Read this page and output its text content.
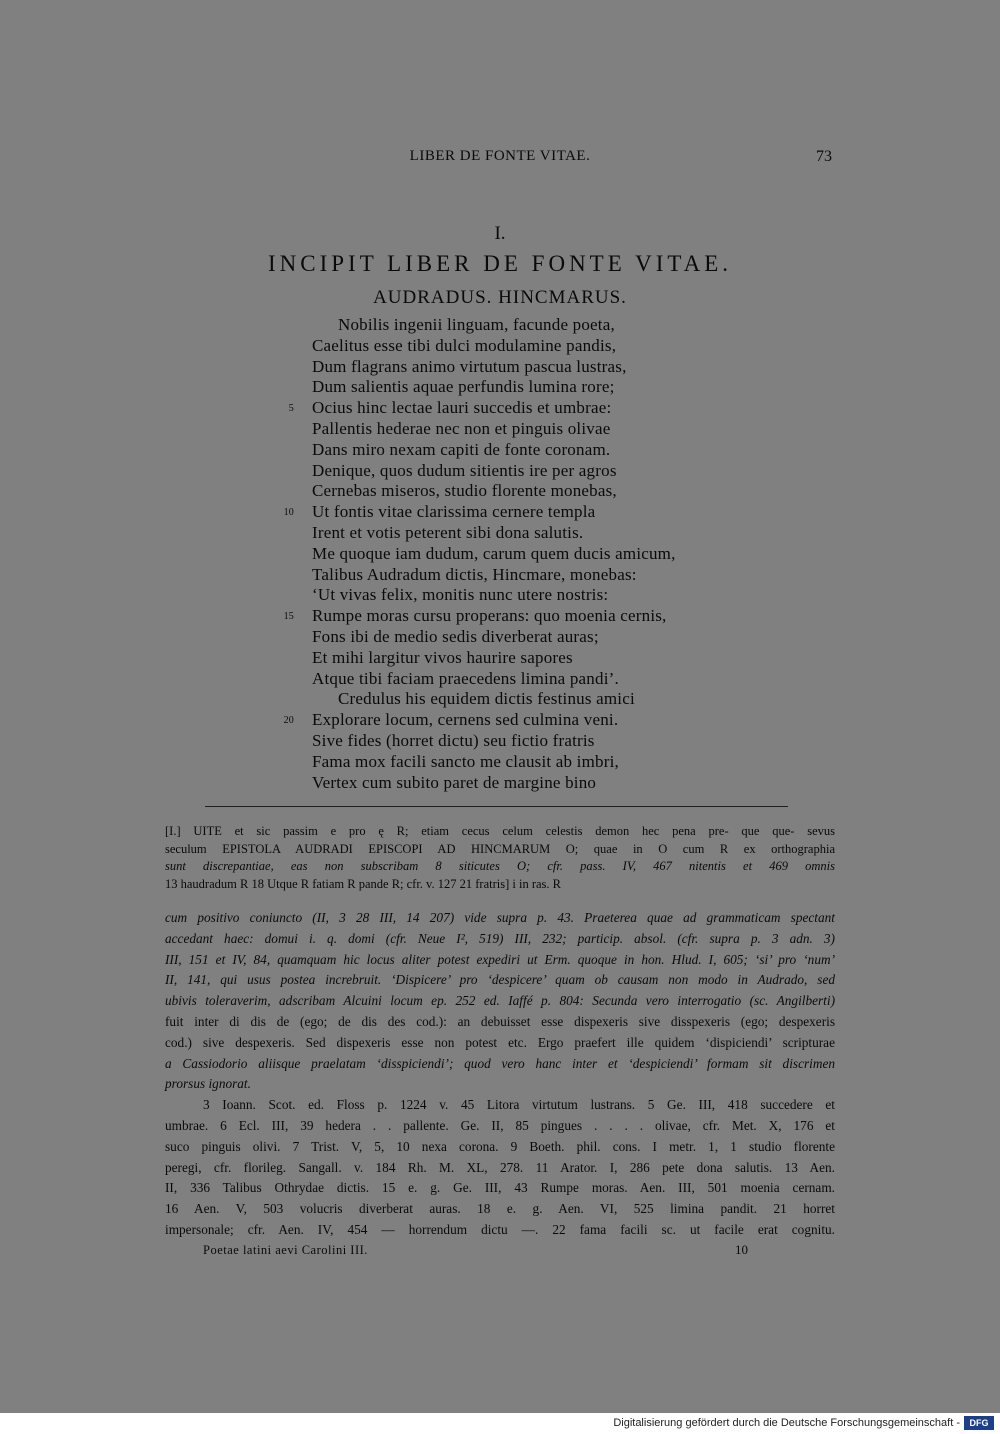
LIBER DE FONTE VITAE.	73
I.
INCIPIT LIBER DE FONTE VITAE.
AUDRADUS. HINCMARUS.
Nobilis ingenii linguam, facunde poeta,
Caelitus esse tibi dulci modulamine pandis,
Dum flagrans animo virtutum pascua lustras,
Dum salientis aquae perfundis lumina rore;
5 Ocius hinc lectae lauri succedis et umbrae:
Pallentis hederae nec non et pinguis olivae
Dans miro nexam capiti de fonte coronam.
Denique, quos dudum sitientis ire per agros
Cernebas miseros, studio florente monebas,
10 Ut fontis vitae clarissima cernere templa
Irent et votis peterent sibi dona salutis.
Me quoque iam dudum, carum quem ducis amicum,
Talibus Audradum dictis, Hincmare, monebas:
‘Ut vivas felix, monitis nunc utere nostris:
15 Rumpe moras cursu properans: quo moenia cernis,
Fons ibi de medio sedis diverberat auras;
Et mihi largitur vivos haurire sapores
Atque tibi faciam praecedens limina pandi’.
Credulus his equidem dictis festinus amici
20 Explorare locum, cernens sed culmina veni.
Sive fides (horret dictu) seu fictio fratris
Fama mox facili sancto me clausit ab imbri,
Vertex cum subito paret de margine bino
[I.] UITE et sic passim e pro ę R; etiam cecus celum celestis demon hec pena pre- que que- sevus
seculum EPISTOLA AUDRADI EPISCOPI AD HINCMARUM O; quae in O cum R ex orthographia
sunt discrepantiae, eas non subscribam 8 siticutes O; cfr. pass. IV, 467 nitentis et 469 omnis
13 haudradum R 18 Utque R fatiam R pande R; cfr. v. 127 21 fratris] i in ras. R
cum positivo coniuncto (II, 3 28 III, 14 207) vide supra p. 43. Praeterea quae ad grammaticam spectant
accedant haec: domui i. q. domi (cfr. Neue I², 519) III, 232; particip. absol. (cfr. supra p. 3 adn. 3)
III, 151 et IV, 84, quamquam hic locus aliter potest expediri ut Erm. quoque in hon. Hlud. I, 605; ‘si’ pro ‘num’
II, 141, qui usus postea increbruit. ‘Dispicere’ pro ‘despicere’ quam ob causam non modo in Audrado, sed
ubivis toleraverim, adscribam Alcuini locum ep. 252 ed. Iaffé p. 804: Secunda vero interrogatio (sc. Angilberti)
fuit inter di dis de (ego; de dis des cod.): an debuisset esse dispexeris sive disspexeris (ego; despexeris
cod.) sive despexeris. Sed dispexeris esse non potest etc. Ergo praefert ille quidem ‘dispiciendi’ scripturae
a Cassiodorio aliisque praelatam ‘disspiciendi’; quod vero hanc inter et ‘despiciendi’ formam sit discrimen
prorsus ignorat.
3 Ioann. Scot. ed. Floss p. 1224 v. 45 Litora virtutum lustrans. 5 Ge. III, 418 succedere et
umbrae. 6 Ecl. III, 39 hedera . . pallente. Ge. II, 85 pingues . . . . olivae, cfr. Met. X, 176 et
suco pinguis olivi. 7 Trist. V, 5, 10 nexa corona. 9 Boeth. phil. cons. I metr. 1, 1 studio florente
peregi, cfr. florileg. Sangall. v. 184 Rh. M. XL, 278. 11 Arator. I, 286 pete dona salutis. 13 Aen.
II, 336 Talibus Othrydae dictis. 15 e. g. Ge. III, 43 Rumpe moras. Aen. III, 501 moenia cernam.
16 Aen. V, 503 volucris diverberat auras. 18 e. g. Aen. VI, 525 limina pandit. 21 horret
impersonale; cfr. Aen. IV, 454 — horrendum dictu —. 22 fama facili sc. ut facile erat cognitu.
Poetae latini aevi Carolini III.	10
Digitalisierung gefördert durch die Deutsche Forschungsgemeinschaft -	DFG
